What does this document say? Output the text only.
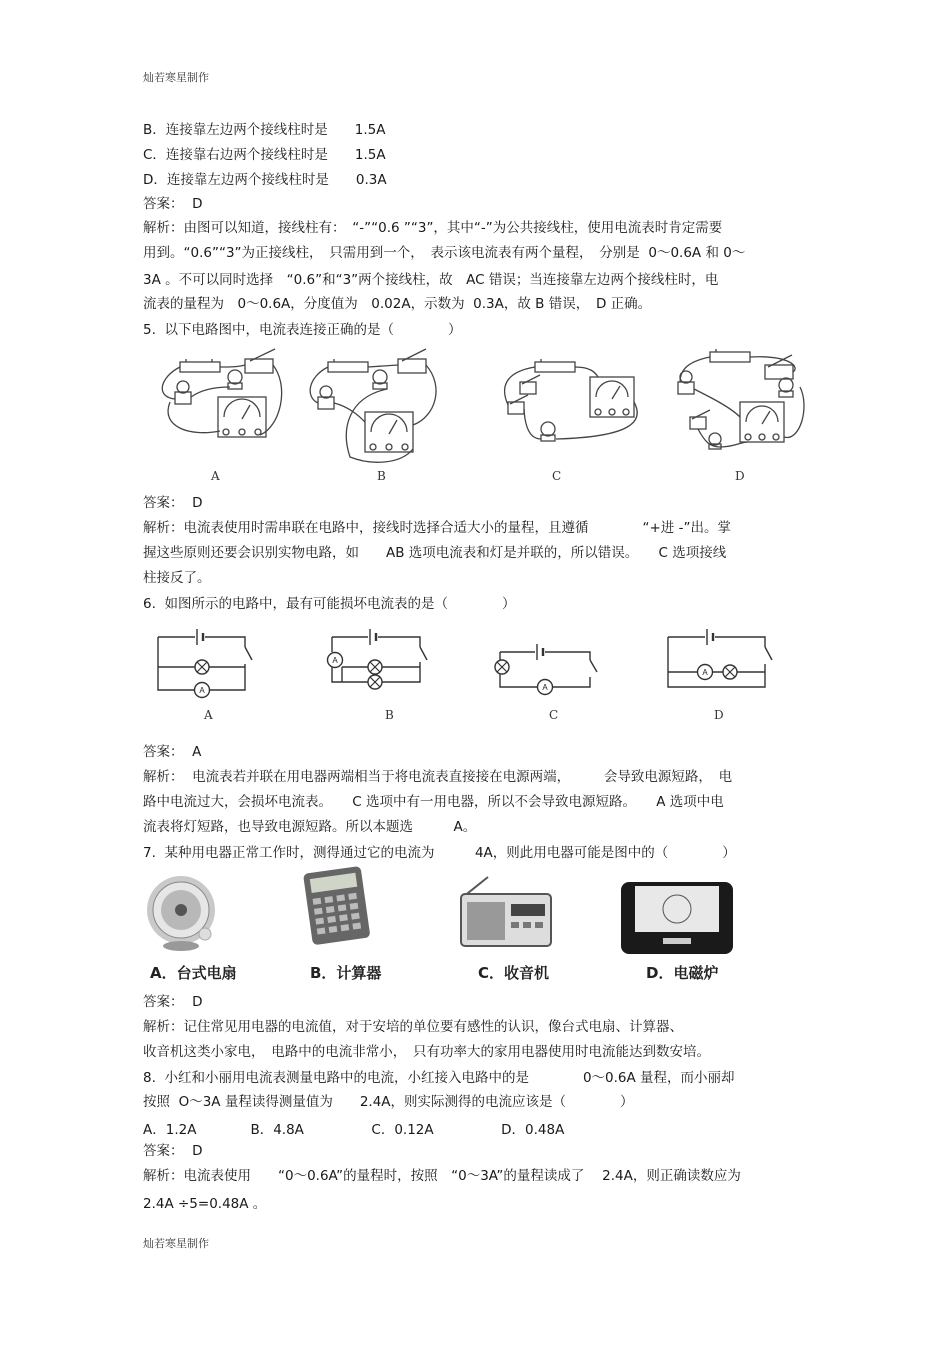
灿若寒星制作
B．连接靠左边两个接线柱时是　　1.5A
C．连接靠右边两个接线柱时是　　1.5A
D．连接靠左边两个接线柱时是　　0.3A
答案：  D
解析：由图可以知道，接线柱有：　“-”“0.6 ”“3”，其中“-”为公共接线柱，使用电流表时肯定需要
用到。“0.6”“3”为正接线柱，　只需用到一个，　表示该电流表有两个量程，　分别是  0～0.6A 和 0～
3A 。不可以同时选择　“0.6”和“3”两个接线柱，故　AC 错误；当连接靠左边两个接线柱时，电
流表的量程为　0～0.6A，分度值为　0.02A，示数为  0.3A，故 B 错误，　D 正确。
5.  以下电路图中，电流表连接正确的是（　　　　）
A	B	C	D
答案：  D
解析：电流表使用时需串联在电路中，接线时选择合适大小的量程，且遵循　　　　“+进 -”出。掌
握这些原则还要会识别实物电路，如　　AB 选项电流表和灯是并联的，所以错误。　　C 选项接线
柱接反了。
6.  如图所示的电路中，最有可能损坏电流表的是（　　　　）
A
A
A
A
A	B	C	D
答案：  A
解析：  电流表若并联在用电器两端相当于将电流表直接接在电源两端，　　　会导致电源短路，　电
路中电流过大，会损坏电流表。　　C 选项中有一用电器，所以不会导致电源短路。　　A 选项中电
流表将灯短路，也导致电源短路。所以本题选　　　A。
7.  某种用电器正常工作时，测得通过它的电流为　　　4A，则此用电器可能是图中的（　　　　）
A．台式电扇	B．计算器	C．收音机	D．电磁炉
答案：  D
解析：记住常见用电器的电流值，对于安培的单位要有感性的认识，像台式电扇、计算器、
收音机这类小家电，　电路中的电流非常小，　只有功率大的家用电器使用时电流能达到数安培。
8.  小红和小丽用电流表测量电路中的电流，小红接入电路中的是　　　　0～0.6A 量程，而小丽却
按照  O～3A 量程读得测量值为　　2.4A，则实际测得的电流应该是（　　　　）
A．1.2A　　　　B．4.8A　　　　　C．0.12A　　　　　D．0.48A
答案：  D
解析：电流表使用　　“0～0.6A”的量程时，按照　“0～3A”的量程读成了　 2.4A，则正确读数应为
2.4A ÷5=0.48A 。
灿若寒星制作
